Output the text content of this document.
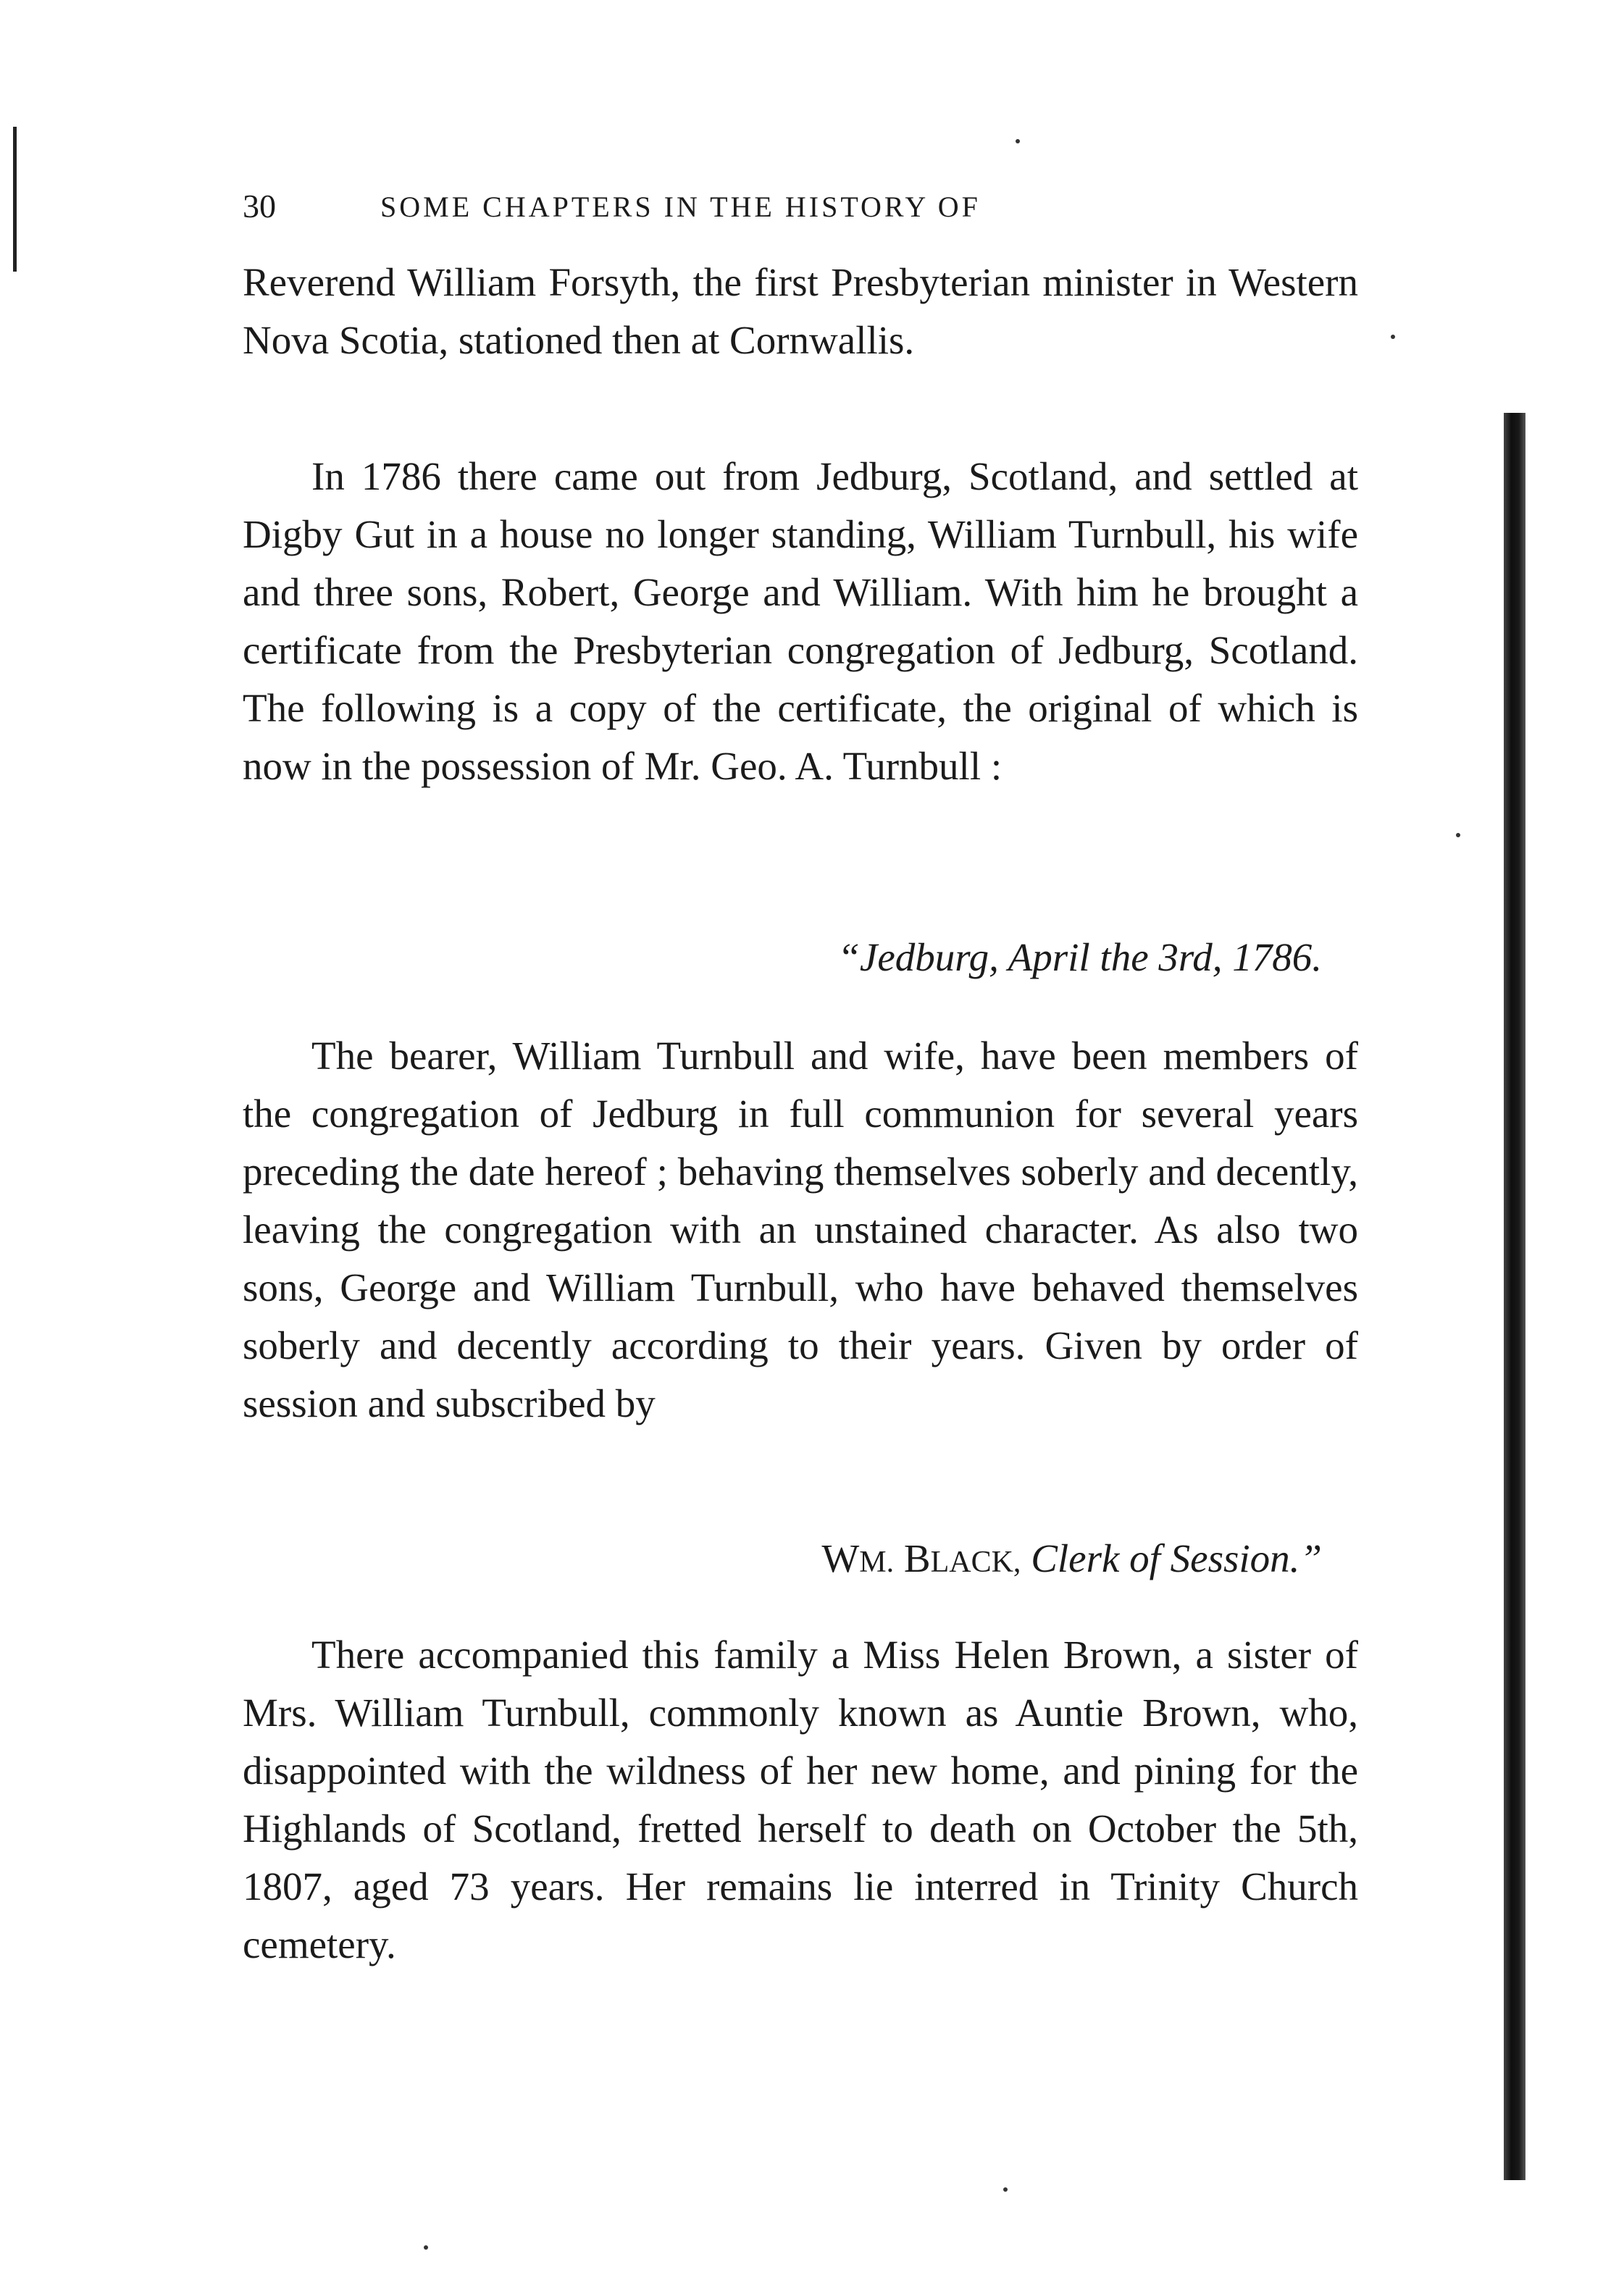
30	SOME CHAPTERS IN THE HISTORY OF

Reverend William Forsyth, the first Presbyterian minister in Western Nova Scotia, stationed then at Cornwallis.

In 1786 there came out from Jedburg, Scotland, and settled at Digby Gut in a house no longer standing, William Turnbull, his wife and three sons, Robert, George and William. With him he brought a certificate from the Presbyterian congregation of Jedburg, Scotland. The following is a copy of the certificate, the original of which is now in the possession of Mr. Geo. A. Turnbull :

“Jedburg, April the 3rd, 1786.

The bearer, William Turnbull and wife, have been members of the congregation of Jedburg in full communion for several years preceding the date hereof ; behaving themselves soberly and decently, leaving the congregation with an unstained character. As also two sons, George and William Turnbull, who have behaved themselves soberly and decently according to their years. Given by order of session and subscribed by

WM. BLACK, Clerk of Session.”

There accompanied this family a Miss Helen Brown, a sister of Mrs. William Turnbull, commonly known as Auntie Brown, who, disappointed with the wildness of her new home, and pining for the Highlands of Scotland, fretted herself to death on October the 5th, 1807, aged 73 years. Her remains lie interred in Trinity Church cemetery.
